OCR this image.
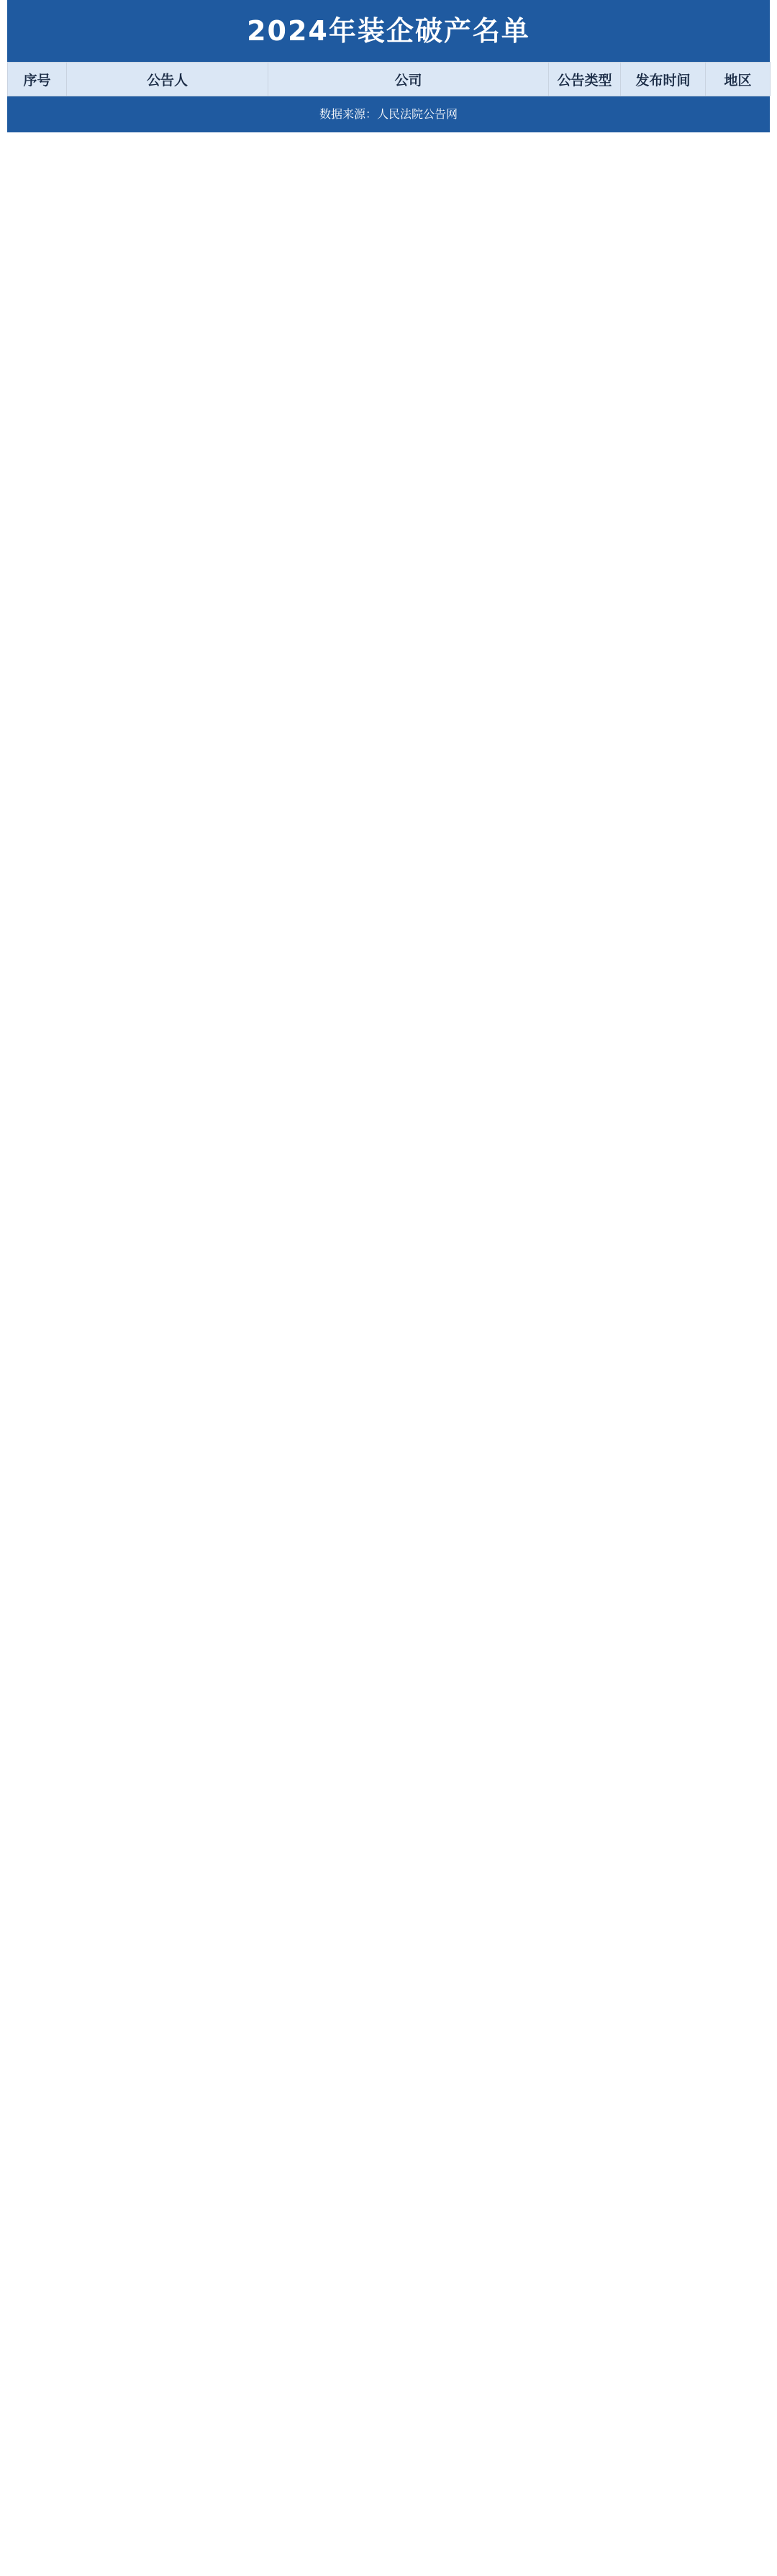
2024年装企破产名单
序号	公告人	公司	公告类型	发布时间	地区
数据来源：人民法院公告网
